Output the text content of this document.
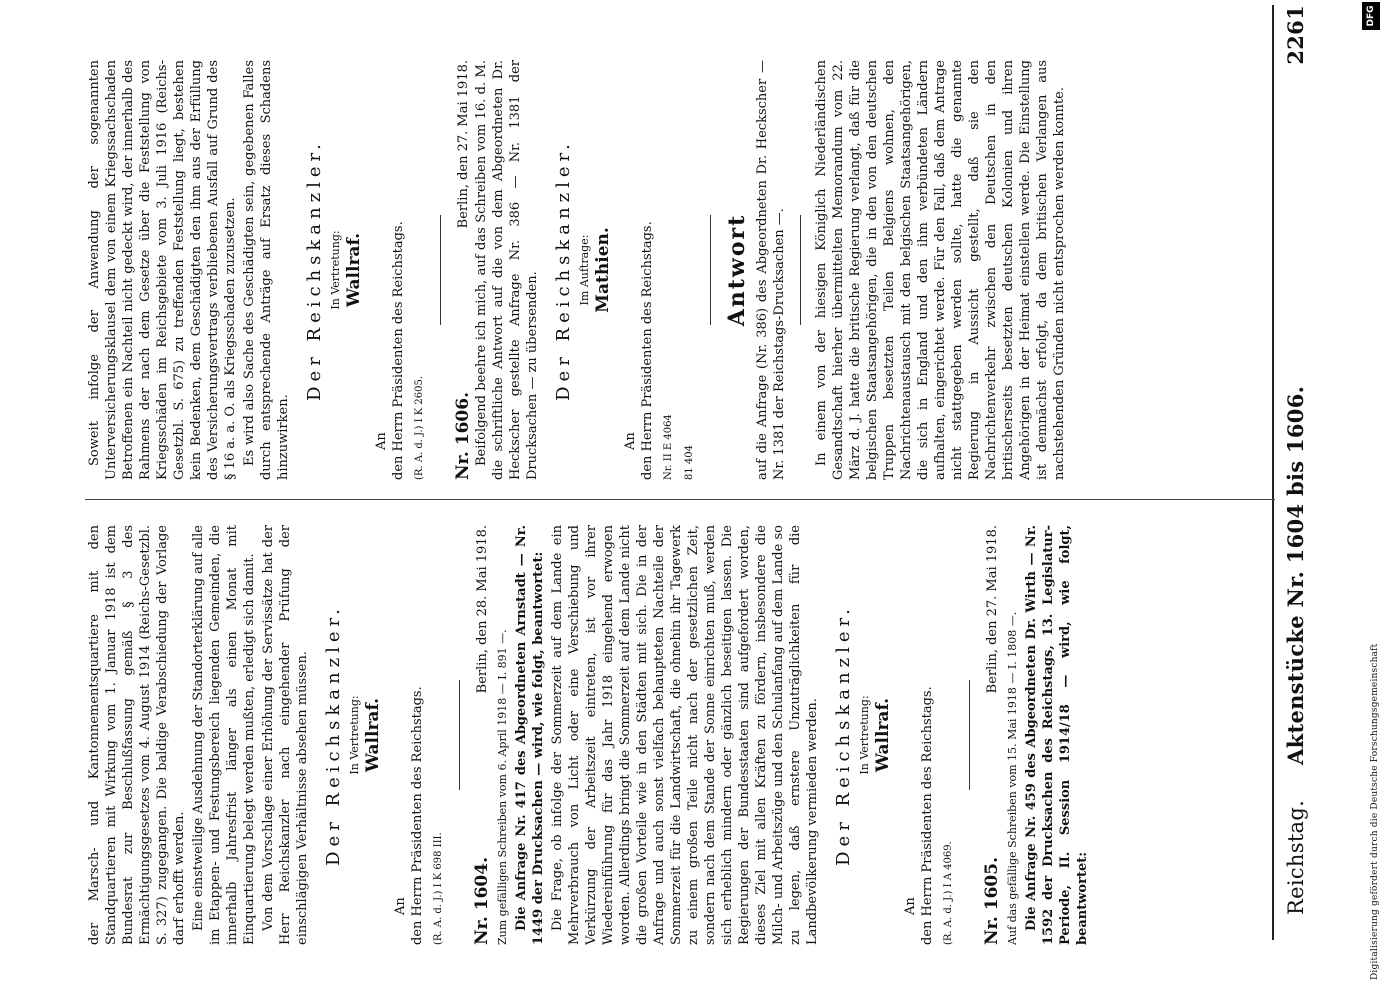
Reichstag.     Aktenstücke Nr. 1604 bis 1606.
2261

der Marsch- und Kantonnementsquartiere mit den Standquartieren mit Wirkung vom 1. Januar 1918 ist dem Bundesrat zur Beschlußfassung gemäß § 3 des Ermächtigungsgesetzes vom 4. August 1914 (Reichs-Gesetzbl. S. 327) zugegangen. Die baldige Verabschiedung der Vorlage darf erhofft werden. Eine einstweilige Ausdehnung der Standorterklärung auf alle im Etappen- und Festungsbereich liegenden Gemeinden, die innerhalb Jahresfrist länger als einen Monat mit Einquartierung belegt werden mußten, erledigt sich damit. Von dem Vorschlage einer Erhöhung der Servissätze hat der Herr Reichskanzler nach eingehender Prüfung der einschlägigen Verhältnisse absehen müssen. Der Reichskanzler. In Vertretung: Wallraf.
An den Herrn Präsidenten des Reichstags. (R. A. d. J.) I K 698 III. Nr. 1604.
Berlin, den 28. Mai 1918.
Zum gefälligen Schreiben vom 6. April 1918 — I. 891 —. Die Anfrage Nr. 417 des Abgeordneten Arnstadt — Nr. 1449 der Drucksachen — wird, wie folgt, beantwortet: Die Frage, ob infolge der Sommerzeit auf dem Lande ein Mehrverbrauch von Licht oder eine Verschiebung und Verkürzung der Arbeitszeit eintreten, ist vor ihrer Wiedereinführung für das Jahr 1918 eingehend erwogen worden. Allerdings bringt die Sommerzeit auf dem Lande nicht die großen Vorteile wie in den Städten mit sich. Die in der Anfrage und auch sonst vielfach behaupteten Nachteile der Sommerzeit für die Landwirtschaft, die ohnehin ihr Tagewerk zu einem großen Teile nicht nach der gesetzlichen Zeit, sondern nach dem Stande der Sonne einrichten muß, werden sich erheblich mindern oder gänzlich beseitigen lassen. Die Regierungen der Bundesstaaten sind aufgefordert worden, dieses Ziel mit allen Kräften zu fördern, insbesondere die Milch- und Arbeitszüge und den Schulanfang auf dem Lande so zu legen, daß ernstere Unzuträglichkeiten für die Landbevölkerung vermieden werden. Der Reichskanzler. In Vertretung: Wallraf.
An den Herrn Präsidenten des Reichstags. (R. A. d. J.) I A 4069. Nr. 1605.
Berlin, den 27. Mai 1918.
Auf das gefällige Schreiben vom 15. Mai 1918 — I. 1808 —. Die Anfrage Nr. 459 des Abgeordneten Dr. Wirth — Nr. 1592 der Drucksachen des Reichstags, 13. Legislatur-Periode, II. Session 1914/18 — wird, wie folgt, beantwortet:

Soweit infolge der Anwendung der sogenannten Unterversicherungsklausel dem von einem Kriegssachschaden Betroffenen ein Nachteil nicht gedeckt wird, der innerhalb des Rahmens der nach dem Gesetze über die Feststellung von Kriegsschäden im Reichsgebiete vom 3. Juli 1916 (Reichs-Gesetzbl. S. 675) zu treffenden Feststellung liegt, bestehen kein Bedenken, dem Geschädigten den ihm aus der Erfüllung des Versicherungsvertrags verbliebenen Ausfall auf Grund des § 16 a. a. O. als Kriegsschaden zuzusetzen. Es wird also Sache des Geschädigten sein, gegebenen Falles durch entsprechende Anträge auf Ersatz dieses Schadens hinzuwirken.

Der Reichskanzler. In Vertretung: Wallraf.
An den Herrn Präsidenten des Reichstags. (R. A. d. J.) I K 2605. Nr. 1606.
Berlin, den 27. Mai 1918. Beifolgend beehre ich mich, auf das Schreiben vom 16. d. M. die schriftliche Antwort auf die von dem Abgeordneten Dr. Heckscher gestellte Anfrage Nr. 386 — Nr. 1381 der Drucksachen — zu übersenden. Der Reichskanzler. Im Auftrage: Mathien.
An den Herrn Präsidenten des Reichstags. Nr. II E 4064	81 404
Antwort auf die Anfrage (Nr. 386) des Abgeordneten Dr. Heckscher — Nr. 1381 der Reichstags-Drucksachen —. In einem von der hiesigen Königlich Niederländischen Gesandtschaft hierher übermittelten Memorandum vom 22. März d. J. hatte die britische Regierung verlangt, daß für die belgischen Staatsangehörigen, die in den von den deutschen Truppen besetzten Teilen Belgiens wohnen, den Nachrichtenaustausch mit den belgischen Staatsangehörigen, die sich in England und den ihm verbündeten Ländern aufhalten, eingerichtet werde. Für den Fall, daß dem Antrage nicht stattgegeben werden sollte, hatte die genannte Regierung in Aussicht gestellt, daß sie den Nachrichtenverkehr zwischen den Deutschen in den britischerseits besetzten deutschen Kolonien und ihren Angehörigen in der Heimat einstellen werde. Die Einstellung ist demnächst erfolgt, da dem britischen Verlangen aus nachstehenden Gründen nicht entsprochen werden konnte.

Digitalisierung gefördert durch die Deutsche Forschungsgemeinschaft
DFG
